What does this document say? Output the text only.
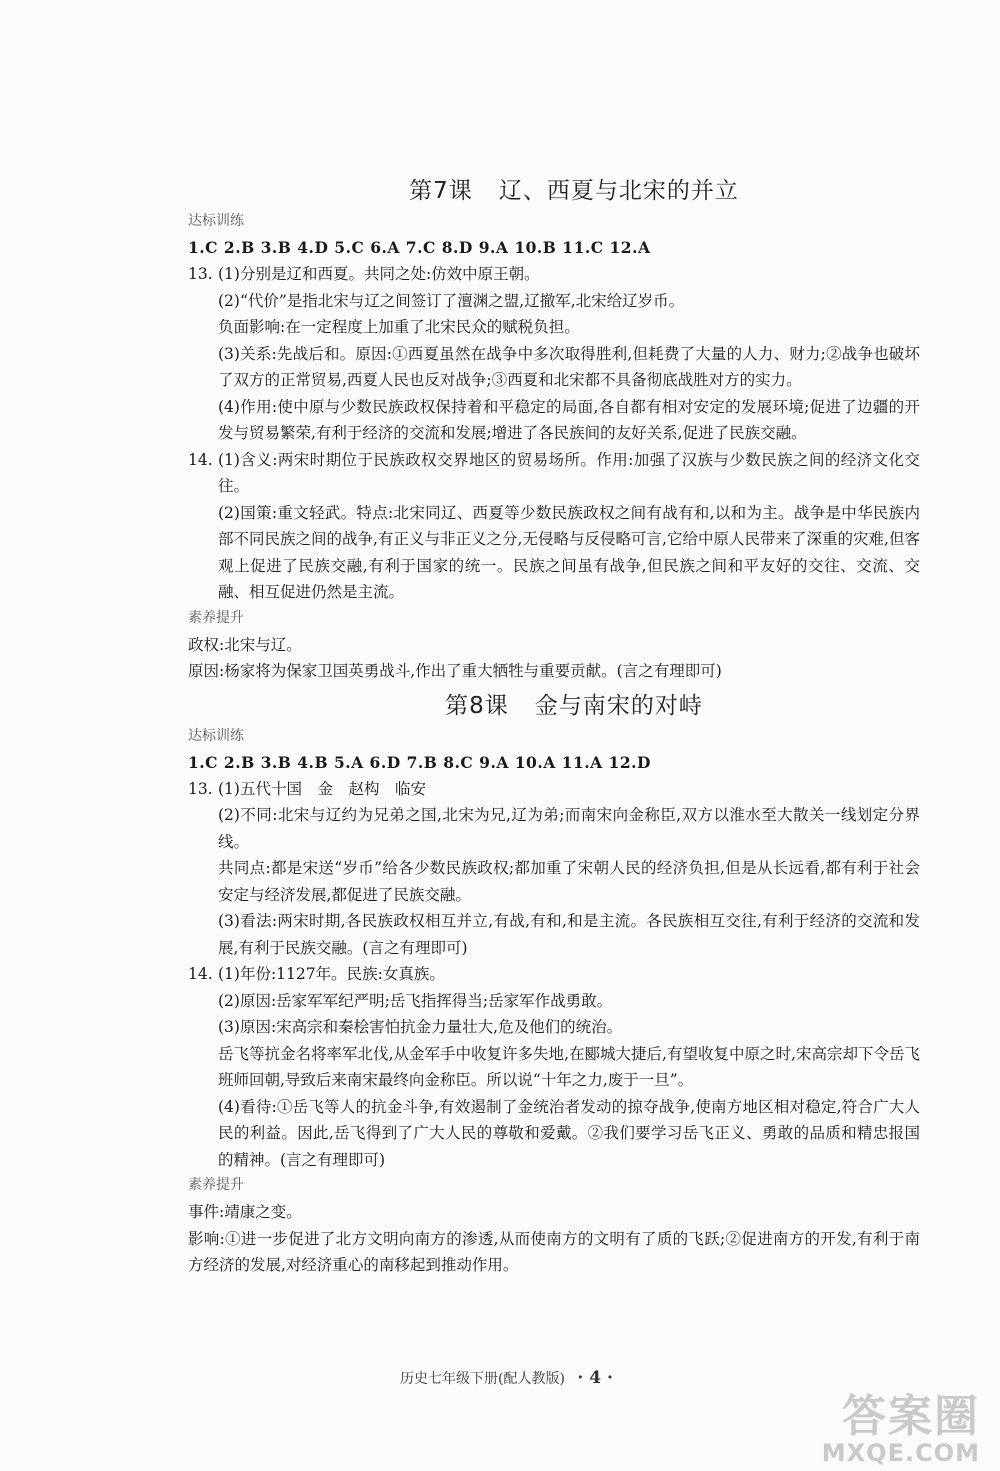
第7课 辽、西夏与北宋的并立
达标训练
1.C 2.B 3.B 4.D 5.C 6.A 7.C 8.D 9.A 10.B 11.C 12.A
13. (1)分别是辽和西夏。共同之处:仿效中原王朝。
(2)“代价”是指北宋与辽之间签订了澶渊之盟,辽撤军,北宋给辽岁币。
负面影响:在一定程度上加重了北宋民众的赋税负担。
(3)关系:先战后和。原因:①西夏虽然在战争中多次取得胜利,但耗费了大量的人力、财力;②战争也破坏了双方的正常贸易,西夏人民也反对战争;③西夏和北宋都不具备彻底战胜对方的实力。
(4)作用:使中原与少数民族政权保持着和平稳定的局面,各自都有相对安定的发展环境;促进了边疆的开发与贸易繁荣,有利于经济的交流和发展;增进了各民族间的友好关系,促进了民族交融。
14. (1)含义:两宋时期位于民族政权交界地区的贸易场所。作用:加强了汉族与少数民族之间的经济文化交往。
(2)国策:重文轻武。特点:北宋同辽、西夏等少数民族政权之间有战有和,以和为主。战争是中华民族内部不同民族之间的战争,有正义与非正义之分,无侵略与反侵略可言,它给中原人民带来了深重的灾难,但客观上促进了民族交融,有利于国家的统一。民族之间虽有战争,但民族之间和平友好的交往、交流、交融、相互促进仍然是主流。
素养提升
政权:北宋与辽。
原因:杨家将为保家卫国英勇战斗,作出了重大牺牲与重要贡献。(言之有理即可)
第8课 金与南宋的对峙
达标训练
1.C 2.B 3.B 4.B 5.A 6.D 7.B 8.C 9.A 10.A 11.A 12.D
13. (1)五代十国　金　赵构　临安
(2)不同:北宋与辽约为兄弟之国,北宋为兄,辽为弟;而南宋向金称臣,双方以淮水至大散关一线划定分界线。
共同点:都是宋送“岁币”给各少数民族政权;都加重了宋朝人民的经济负担,但是从长远看,都有利于社会安定与经济发展,都促进了民族交融。
(3)看法:两宋时期,各民族政权相互并立,有战,有和,和是主流。各民族相互交往,有利于经济的交流和发展,有利于民族交融。(言之有理即可)
14. (1)年份:1127年。民族:女真族。
(2)原因:岳家军军纪严明;岳飞指挥得当;岳家军作战勇敢。
(3)原因:宋高宗和秦桧害怕抗金力量壮大,危及他们的统治。
岳飞等抗金名将率军北伐,从金军手中收复许多失地,在郾城大捷后,有望收复中原之时,宋高宗却下令岳飞班师回朝,导致后来南宋最终向金称臣。所以说“十年之力,废于一旦”。
(4)看待:①岳飞等人的抗金斗争,有效遏制了金统治者发动的掠夺战争,使南方地区相对稳定,符合广大人民的利益。因此,岳飞得到了广大人民的尊敬和爱戴。②我们要学习岳飞正义、勇敢的品质和精忠报国的精神。(言之有理即可)
素养提升
事件:靖康之变。
影响:①进一步促进了北方文明向南方的渗透,从而使南方的文明有了质的飞跃;②促进南方的开发,有利于南方经济的发展,对经济重心的南移起到推动作用。
历史七年级下册(配人教版) · 4 ·
答案圈
MXQE.COM
